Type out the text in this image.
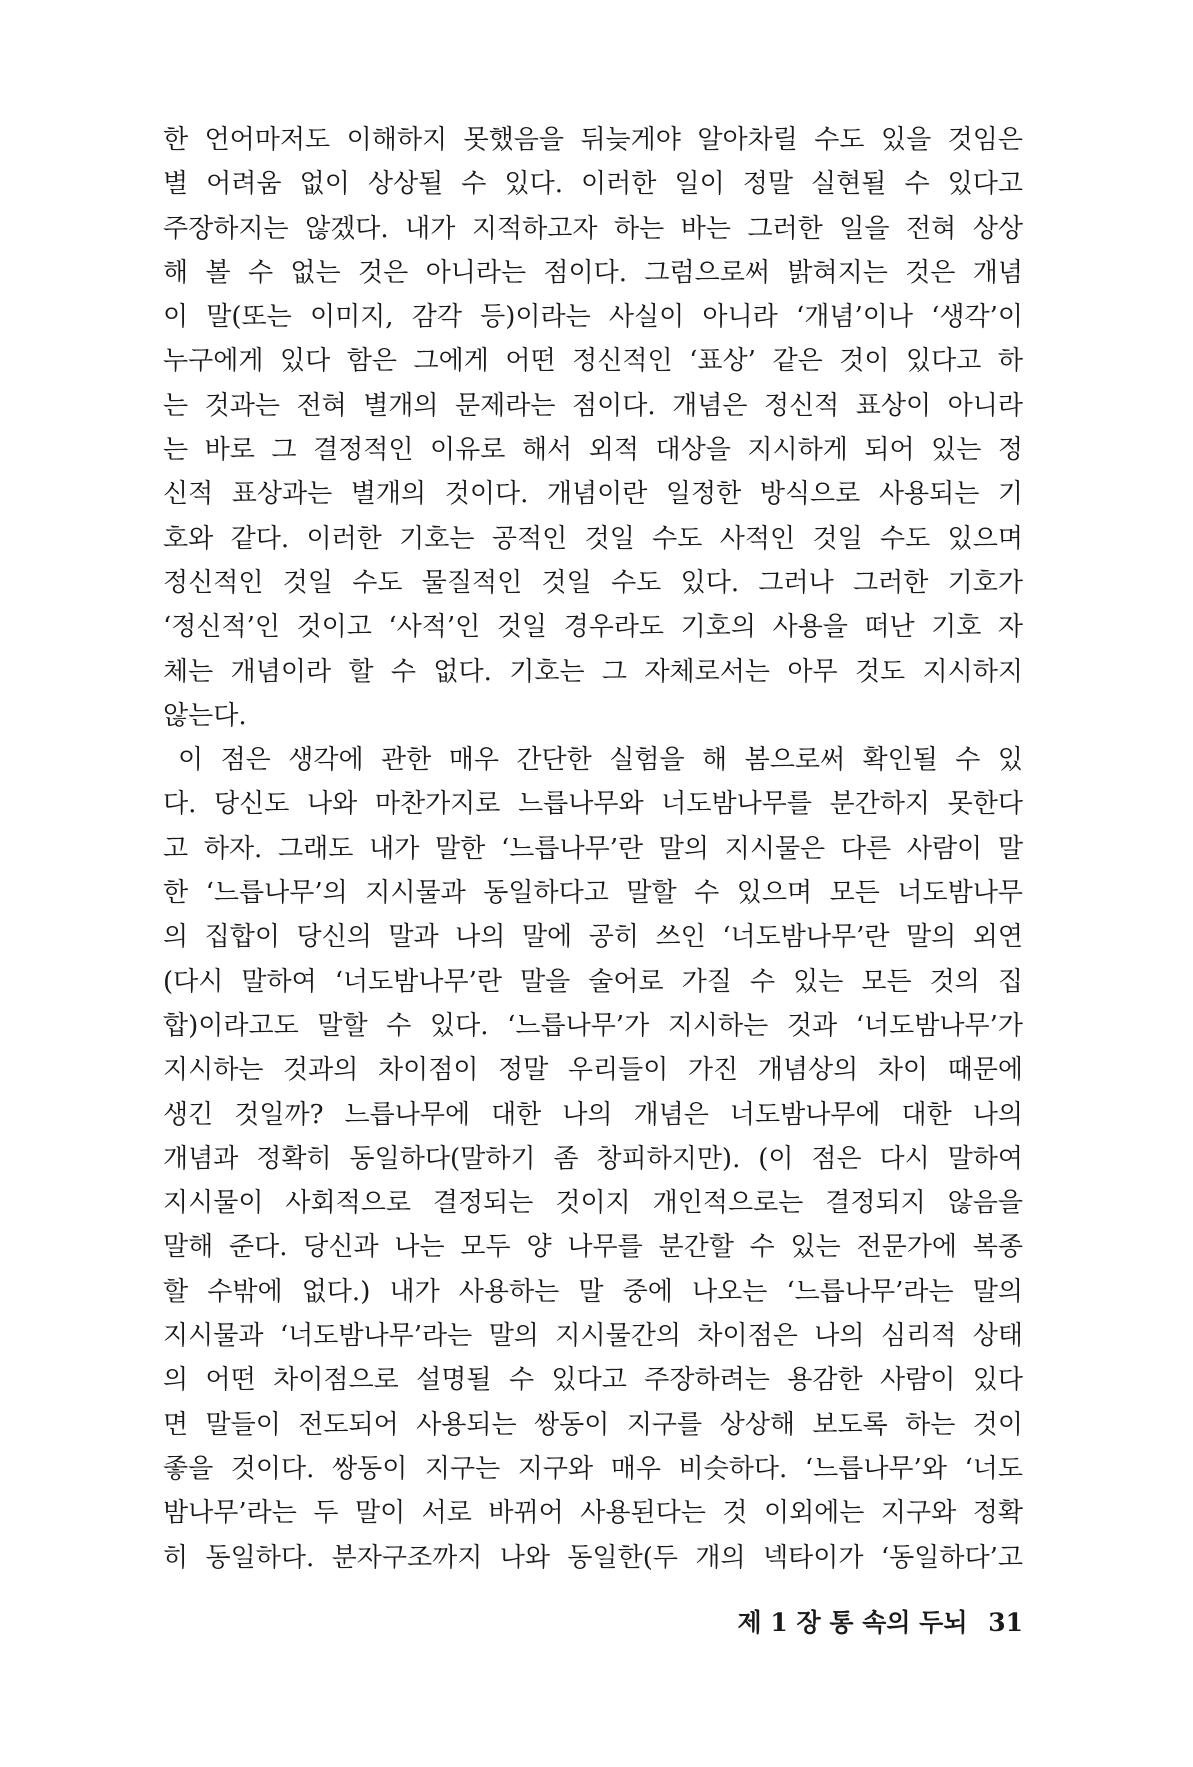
한 언어마저도 이해하지 못했음을 뒤늦게야 알아차릴 수도 있을 것임은
별 어려움 없이 상상될 수 있다. 이러한 일이 정말 실현될 수 있다고
주장하지는 않겠다. 내가 지적하고자 하는 바는 그러한 일을 전혀 상상
해 볼 수 없는 것은 아니라는 점이다. 그럼으로써 밝혀지는 것은 개념
이 말(또는 이미지, 감각 등)이라는 사실이 아니라 ‘개념’이나 ‘생각’이
누구에게 있다 함은 그에게 어떤 정신적인 ‘표상’ 같은 것이 있다고 하
는 것과는 전혀 별개의 문제라는 점이다. 개념은 정신적 표상이 아니라
는 바로 그 결정적인 이유로 해서 외적 대상을 지시하게 되어 있는 정
신적 표상과는 별개의 것이다. 개념이란 일정한 방식으로 사용되는 기
호와 같다. 이러한 기호는 공적인 것일 수도 사적인 것일 수도 있으며
정신적인 것일 수도 물질적인 것일 수도 있다. 그러나 그러한 기호가
‘정신적’인 것이고 ‘사적’인 것일 경우라도 기호의 사용을 떠난 기호 자
체는 개념이라 할 수 없다. 기호는 그 자체로서는 아무 것도 지시하지
않는다.
이 점은 생각에 관한 매우 간단한 실험을 해 봄으로써 확인될 수 있
다. 당신도 나와 마찬가지로 느릅나무와 너도밤나무를 분간하지 못한다
고 하자. 그래도 내가 말한 ‘느릅나무’란 말의 지시물은 다른 사람이 말
한 ‘느릅나무’의 지시물과 동일하다고 말할 수 있으며 모든 너도밤나무
의 집합이 당신의 말과 나의 말에 공히 쓰인 ‘너도밤나무’란 말의 외연
(다시 말하여 ‘너도밤나무’란 말을 술어로 가질 수 있는 모든 것의 집
합)이라고도 말할 수 있다. ‘느릅나무’가 지시하는 것과 ‘너도밤나무’가
지시하는 것과의 차이점이 정말 우리들이 가진 개념상의 차이 때문에
생긴 것일까? 느릅나무에 대한 나의 개념은 너도밤나무에 대한 나의
개념과 정확히 동일하다(말하기 좀 창피하지만). (이 점은 다시 말하여
지시물이 사회적으로 결정되는 것이지 개인적으로는 결정되지 않음을
말해 준다. 당신과 나는 모두 양 나무를 분간할 수 있는 전문가에 복종
할 수밖에 없다.) 내가 사용하는 말 중에 나오는 ‘느릅나무’라는 말의
지시물과 ‘너도밤나무’라는 말의 지시물간의 차이점은 나의 심리적 상태
의 어떤 차이점으로 설명될 수 있다고 주장하려는 용감한 사람이 있다
면 말들이 전도되어 사용되는 쌍동이 지구를 상상해 보도록 하는 것이
좋을 것이다. 쌍동이 지구는 지구와 매우 비슷하다. ‘느릅나무’와 ‘너도
밤나무’라는 두 말이 서로 바뀌어 사용된다는 것 이외에는 지구와 정확
히 동일하다. 분자구조까지 나와 동일한(두 개의 넥타이가 ‘동일하다’고
제 1 장 통 속의 두뇌 31
